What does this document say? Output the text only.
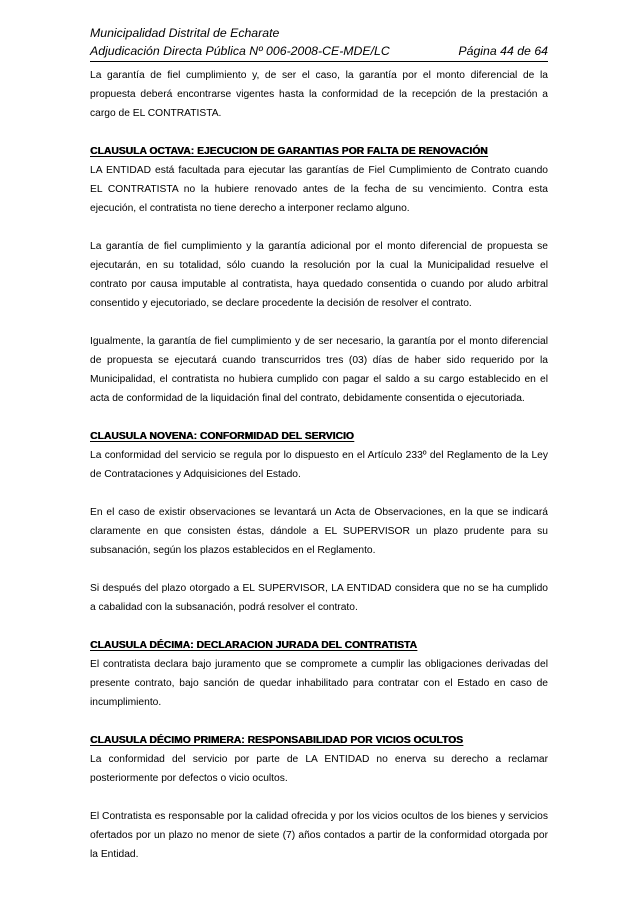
Municipalidad Distrital de Echarate
Adjudicación Directa Pública Nº 006-2008-CE-MDE/LC	Página 44 de 64

La garantía de fiel cumplimiento y, de ser el caso, la garantía por el monto diferencial de la propuesta deberá encontrarse vigentes hasta la conformidad de la recepción de la prestación a cargo de EL CONTRATISTA.

CLAUSULA OCTAVA: EJECUCION DE GARANTIAS POR FALTA DE RENOVACIÓN

LA ENTIDAD está facultada para ejecutar las garantías de Fiel Cumplimiento de Contrato cuando EL CONTRATISTA no la hubiere renovado antes de la fecha de su vencimiento. Contra esta ejecución, el contratista no tiene derecho a interponer reclamo alguno.

La garantía de fiel cumplimiento y la garantía adicional por el monto diferencial de propuesta se ejecutarán, en su totalidad, sólo cuando la resolución por la cual la Municipalidad resuelve el contrato por causa imputable al contratista, haya quedado consentida o cuando por aludo arbitral consentido y ejecutoriado, se declare procedente la decisión de resolver el contrato.

Igualmente, la garantía de fiel cumplimiento y de ser necesario, la garantía por el monto diferencial de propuesta se ejecutará cuando transcurridos tres (03) días de haber sido requerido por la Municipalidad, el contratista no hubiera cumplido con pagar el saldo a su cargo establecido en el acta de conformidad de la liquidación final del contrato, debidamente consentida o ejecutoriada.

CLAUSULA NOVENA: CONFORMIDAD DEL SERVICIO

La conformidad del servicio se regula por lo dispuesto en el Artículo 233º del Reglamento de la Ley de Contrataciones y Adquisiciones del Estado.

En el caso de existir observaciones se levantará un Acta de Observaciones, en la que se indicará claramente en que consisten éstas, dándole a EL SUPERVISOR un plazo prudente para su subsanación, según los plazos establecidos en el Reglamento.

Si después del plazo otorgado a EL SUPERVISOR, LA ENTIDAD considera que no se ha cumplido a cabalidad con la subsanación, podrá resolver el contrato.

CLAUSULA DÉCIMA: DECLARACION JURADA DEL CONTRATISTA

El contratista declara bajo juramento que se compromete a cumplir las obligaciones derivadas del presente contrato, bajo sanción de quedar inhabilitado para contratar con el Estado en caso de incumplimiento.

CLAUSULA DÉCIMO PRIMERA: RESPONSABILIDAD POR VICIOS OCULTOS

La conformidad del servicio por parte de LA ENTIDAD no enerva su derecho a reclamar posteriormente por defectos o vicio ocultos.

El Contratista es responsable por la calidad ofrecida y por los vicios ocultos de los bienes y servicios ofertados por un plazo no menor de siete (7) años contados a partir de la conformidad otorgada por la Entidad.
